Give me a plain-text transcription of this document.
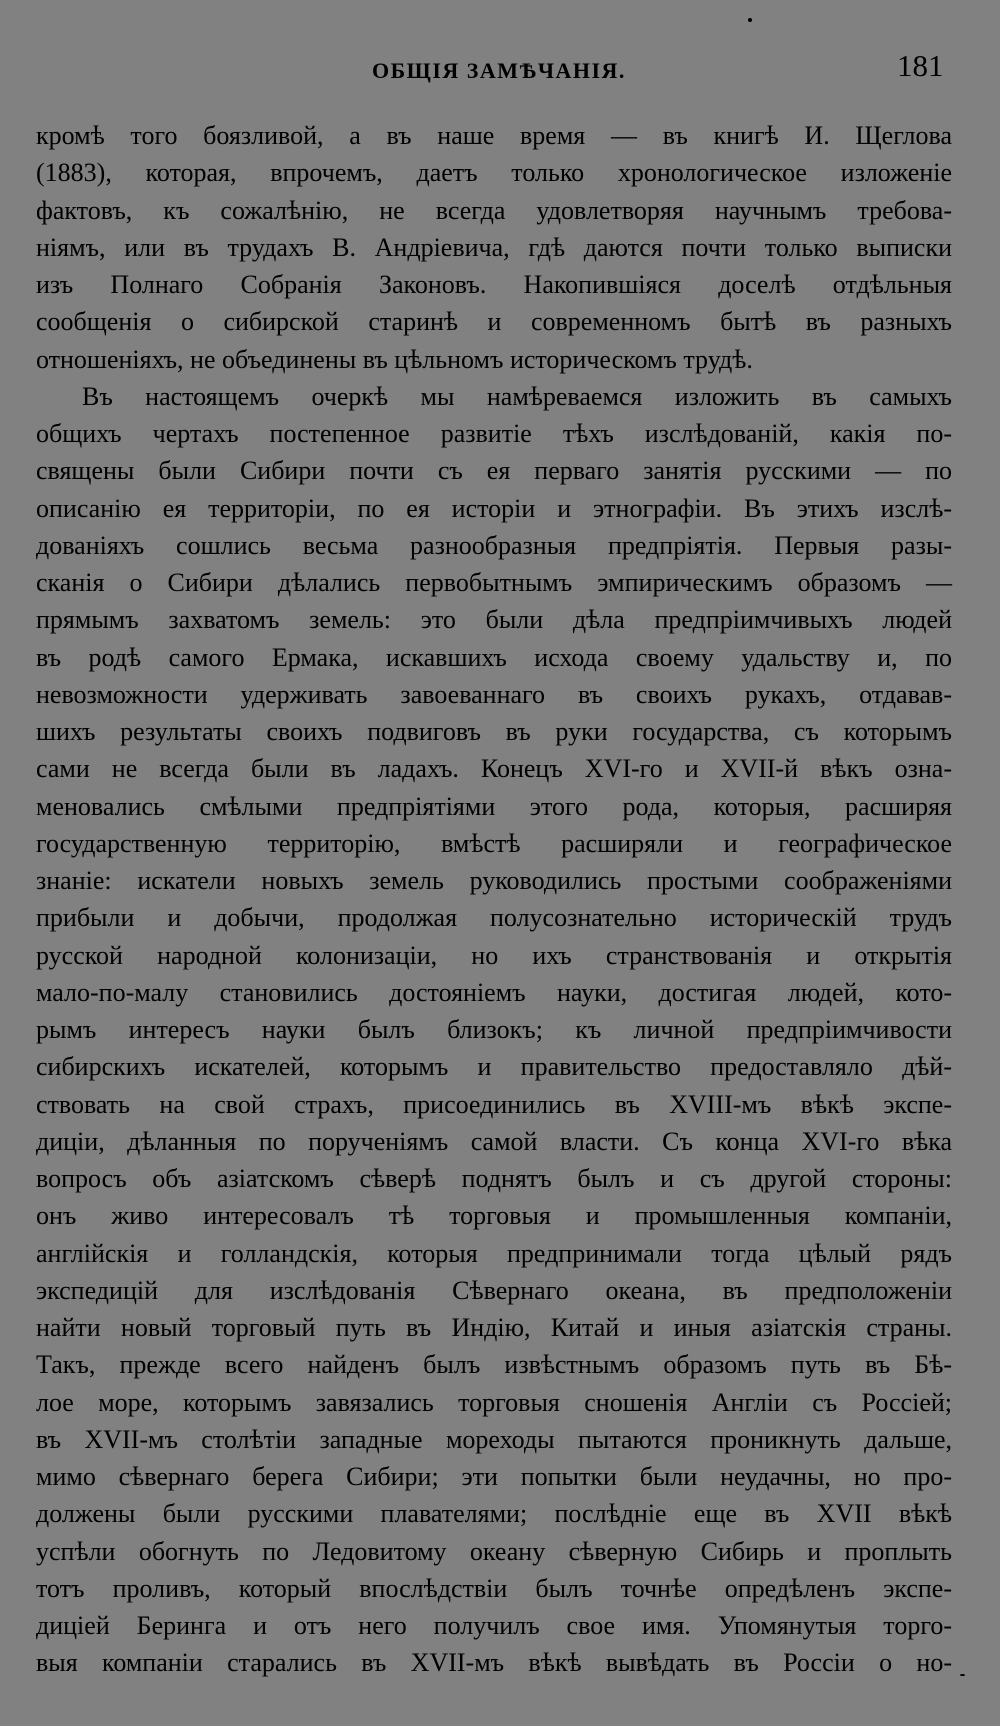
ОБЩІЯ ЗАМѢЧАНІЯ.	181
кромѣ того боязливой, а въ наше время — въ книгѣ И. Щеглова
(1883), которая, впрочемъ, даетъ только хронологическое изложеніе
фактовъ, къ сожалѣнію, не всегда удовлетворяя научнымъ требова-
ніямъ, или въ трудахъ В. Андріевича, гдѣ даются почти только выписки
изъ Полнаго Собранія Законовъ. Накопившіяся доселѣ отдѣльныя
сообщенія о сибирской старинѣ и современномъ бытѣ въ разныхъ
отношеніяхъ, не объединены въ цѣльномъ историческомъ трудѣ.
Въ настоящемъ очеркѣ мы намѣреваемся изложить въ самыхъ
общихъ чертахъ постепенное развитіе тѣхъ изслѣдованій, какія по-
священы были Сибири почти съ ея перваго занятія русскими — по
описанію ея территоріи, по ея исторіи и этнографіи. Въ этихъ изслѣ-
дованіяхъ сошлись весьма разнообразныя предпріятія. Первыя разы-
сканія о Сибири дѣлались первобытнымъ эмпирическимъ образомъ —
прямымъ захватомъ земель: это были дѣла предпріимчивыхъ людей
въ родѣ самого Ермака, искавшихъ исхода своему удальству и, по
невозможности удерживать завоеваннаго въ своихъ рукахъ, отдавав-
шихъ результаты своихъ подвиговъ въ руки государства, съ которымъ
сами не всегда были въ ладахъ. Конецъ XVI-го и XVII-й вѣкъ озна-
меновались смѣлыми предпріятіями этого рода, которыя, расширяя
государственную территорію, вмѣстѣ расширяли и географическое
знаніе: искатели новыхъ земель руководились простыми соображеніями
прибыли и добычи, продолжая полусознательно историческій трудъ
русской народной колонизаціи, но ихъ странствованія и открытія
мало-по-малу становились достояніемъ науки, достигая людей, кото-
рымъ интересъ науки былъ близокъ; къ личной предпріимчивости
сибирскихъ искателей, которымъ и правительство предоставляло дѣй-
ствовать на свой страхъ, присоединились въ XVIII-мъ вѣкѣ экспе-
диціи, дѣланныя по порученіямъ самой власти. Съ конца XVI-го вѣка
вопросъ объ азіатскомъ сѣверѣ поднятъ былъ и съ другой стороны:
онъ живо интересовалъ тѣ торговыя и промышленныя компаніи,
англійскія и голландскія, которыя предпринимали тогда цѣлый рядъ
экспедицій для изслѣдованія Сѣвернаго океана, въ предположеніи
найти новый торговый путь въ Индію, Китай и иныя азіатскія страны.
Такъ, прежде всего найденъ былъ извѣстнымъ образомъ путь въ Бѣ-
лое море, которымъ завязались торговыя сношенія Англіи съ Россіей;
въ XVII-мъ столѣтіи западные мореходы пытаются проникнуть дальше,
мимо сѣвернаго берега Сибири; эти попытки были неудачны, но про-
должены были русскими плавателями; послѣдніе еще въ XVII вѣкѣ
успѣли обогнуть по Ледовитому океану сѣверную Сибирь и проплыть
тотъ проливъ, который впослѣдствіи былъ точнѣе опредѣленъ экспе-
диціей Беринга и отъ него получилъ свое имя. Упомянутыя торго-
выя компаніи старались въ XVII-мъ вѣкѣ вывѣдать въ Россіи о но-
